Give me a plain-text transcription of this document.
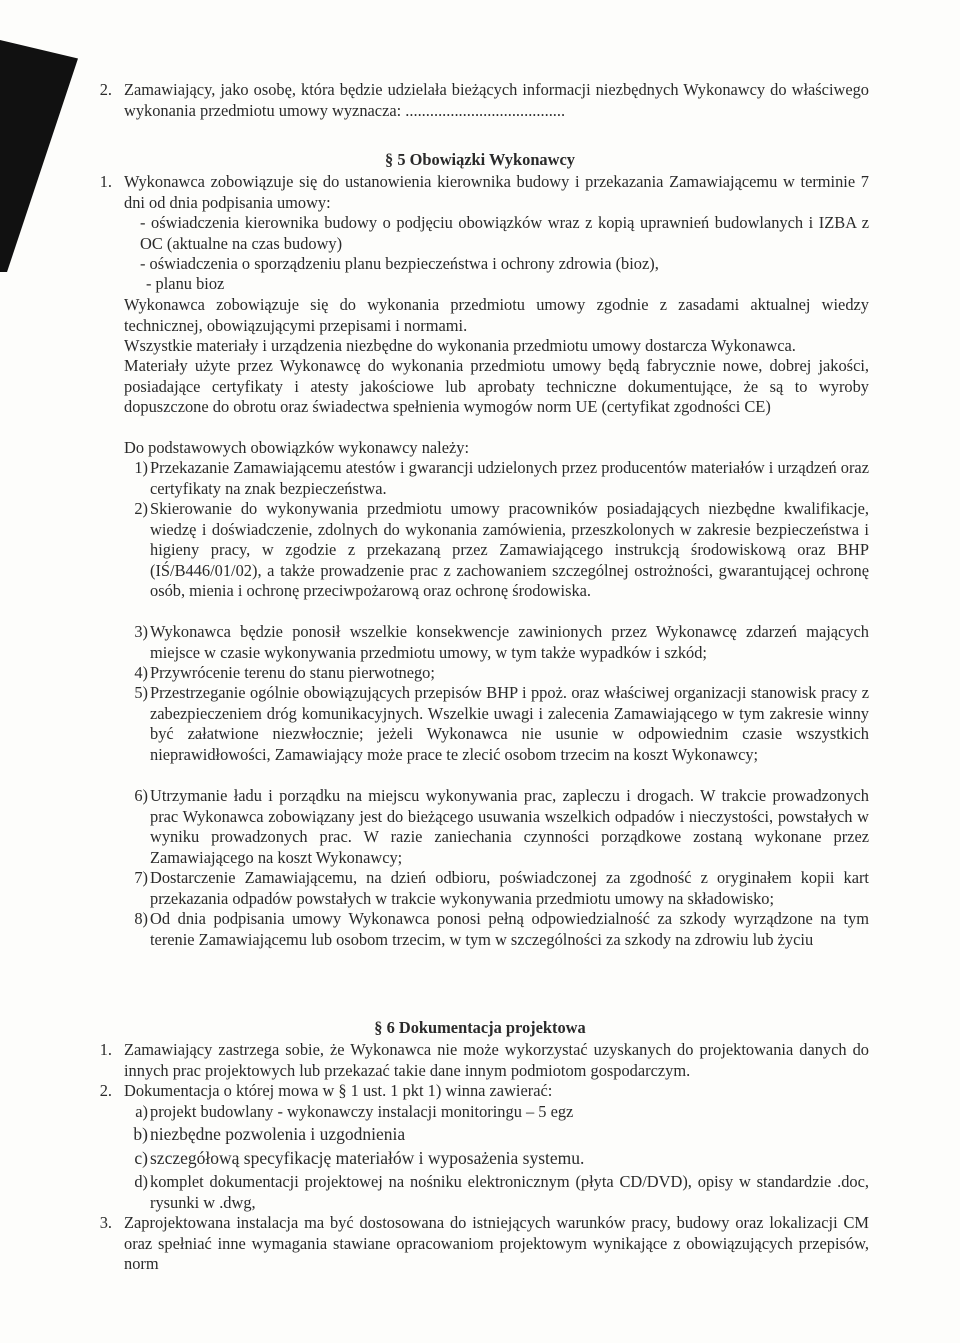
2. Zamawiający, jako osobę, która będzie udzielała bieżących informacji niezbędnych Wykonawcy do właściwego wykonania przedmiotu umowy wyznacza: .......................................

§ 5 Obowiązki Wykonawcy
1. Wykonawca zobowiązuje się do ustanowienia kierownika budowy i przekazania Zamawiającemu w terminie 7 dni od dnia podpisania umowy:

- oświadczenia kierownika budowy o podjęciu obowiązków wraz z kopią uprawnień budowlanych i IZBA z OC (aktualne na czas budowy)

- oświadczenia o sporządzeniu planu bezpieczeństwa i ochrony zdrowia (bioz),

- planu bioz

Wykonawca zobowiązuje się do wykonania przedmiotu umowy zgodnie z zasadami aktualnej wiedzy technicznej, obowiązującymi przepisami i normami.

Wszystkie materiały i urządzenia niezbędne do wykonania przedmiotu umowy dostarcza Wykonawca.

Materiały użyte przez Wykonawcę do wykonania przedmiotu umowy będą fabrycznie nowe, dobrej jakości, posiadające certyfikaty i atesty jakościowe lub aprobaty techniczne dokumentujące, że są to wyroby dopuszczone do obrotu oraz świadectwa spełnienia wymogów norm UE (certyfikat zgodności CE)

Do podstawowych obowiązków wykonawcy należy:

1) Przekazanie Zamawiającemu atestów i gwarancji udzielonych przez producentów materiałów i urządzeń oraz certyfikaty na znak bezpieczeństwa.

2) Skierowanie do wykonywania przedmiotu umowy pracowników posiadających niezbędne kwalifikacje, wiedzę i doświadczenie, zdolnych do wykonania zamówienia, przeszkolonych w zakresie bezpieczeństwa i higieny pracy, w zgodzie z przekazaną przez Zamawiającego instrukcją środowiskową oraz BHP (IŚ/B446/01/02), a także prowadzenie prac z zachowaniem szczególnej ostrożności, gwarantującej ochronę osób, mienia i ochronę przeciwpożarową oraz ochronę środowiska.

3) Wykonawca będzie ponosił wszelkie konsekwencje zawinionych przez Wykonawcę zdarzeń mających miejsce w czasie wykonywania przedmiotu umowy, w tym także wypadków i szkód;

4) Przywrócenie terenu do stanu pierwotnego;

5) Przestrzeganie ogólnie obowiązujących przepisów BHP i ppoż. oraz właściwej organizacji stanowisk pracy z zabezpieczeniem dróg komunikacyjnych. Wszelkie uwagi i zalecenia Zamawiającego w tym zakresie winny być załatwione niezwłocznie; jeżeli Wykonawca nie usunie w odpowiednim czasie wszystkich nieprawidłowości, Zamawiający może prace te zlecić osobom trzecim na koszt Wykonawcy;

6) Utrzymanie ładu i porządku na miejscu wykonywania prac, zapleczu i drogach. W trakcie prowadzonych prac Wykonawca zobowiązany jest do bieżącego usuwania wszelkich odpadów i nieczystości, powstałych w wyniku prowadzonych prac. W razie zaniechania czynności porządkowe zostaną wykonane przez Zamawiającego na koszt Wykonawcy;

7) Dostarczenie Zamawiającemu, na dzień odbioru, poświadczonej za zgodność z oryginałem kopii kart przekazania odpadów powstałych w trakcie wykonywania przedmiotu umowy na składowisko;

8) Od dnia podpisania umowy Wykonawca ponosi pełną odpowiedzialność za szkody wyrządzone na tym terenie Zamawiającemu lub osobom trzecim, w tym w szczególności za szkody na zdrowiu lub życiu

§ 6 Dokumentacja projektowa
1. Zamawiający zastrzega sobie, że Wykonawca nie może wykorzystać uzyskanych do projektowania danych do innych prac projektowych lub przekazać takie dane innym podmiotom gospodarczym.

2. Dokumentacja o której mowa w § 1 ust. 1 pkt 1) winna zawierać:

a) projekt budowlany - wykonawczy instalacji monitoringu – 5 egz

b) niezbędne pozwolenia i uzgodnienia

c) szczegółową specyfikację materiałów i wyposażenia systemu.

d) komplet dokumentacji projektowej na nośniku elektronicznym (płyta CD/DVD), opisy w standardzie .doc, rysunki w .dwg,

3. Zaprojektowana instalacja ma być dostosowana do istniejących warunków pracy, budowy oraz lokalizacji CM oraz spełniać inne wymagania stawiane opracowaniom projektowym wynikające z obowiązujących przepisów, norm
